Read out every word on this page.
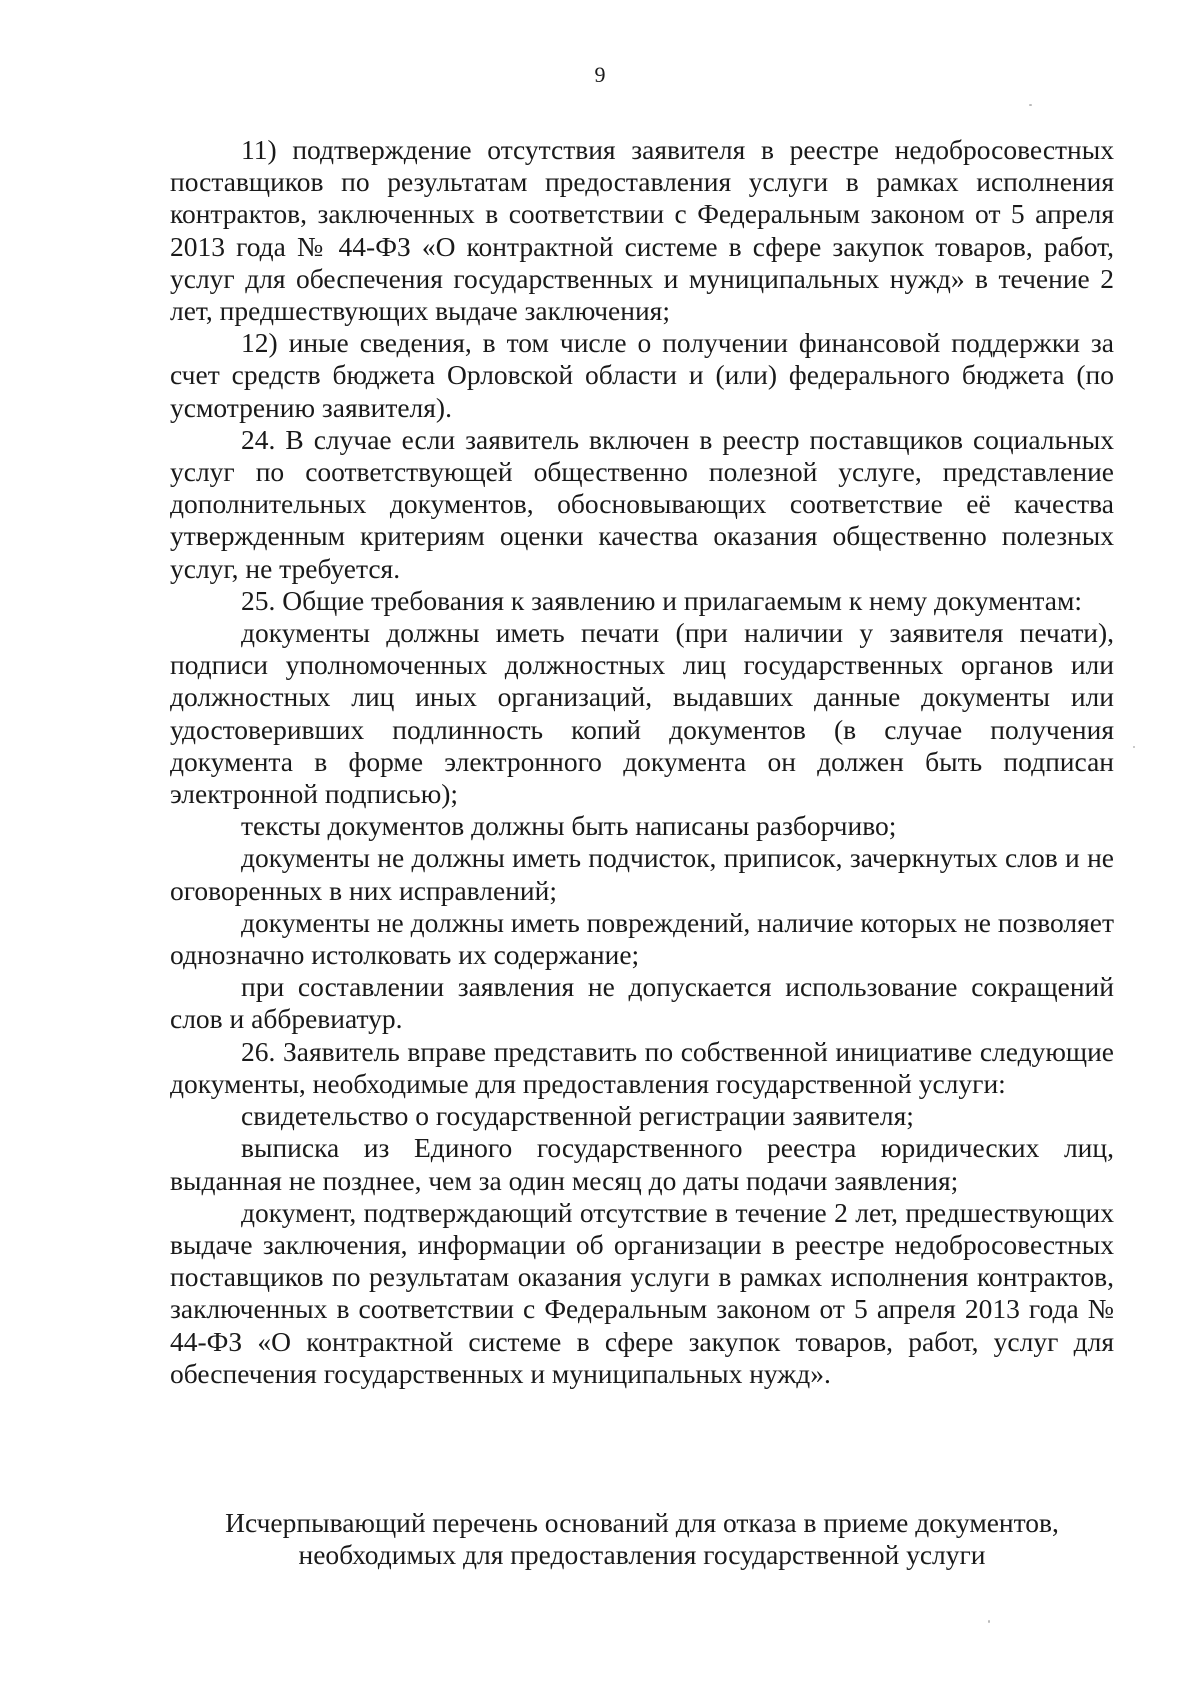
9

11) подтверждение отсутствия заявителя в реестре недобросовестных поставщиков по результатам предоставления услуги в рамках исполнения контрактов, заключенных в соответствии с Федеральным законом от 5 апреля 2013 года № 44-ФЗ «О контрактной системе в сфере закупок товаров, работ, услуг для обеспечения государственных и муниципальных нужд» в течение 2 лет, предшествующих выдаче заключения;

12) иные сведения, в том числе о получении финансовой поддержки за счет средств бюджета Орловской области и (или) федерального бюджета (по усмотрению заявителя).

24. В случае если заявитель включен в реестр поставщиков социальных услуг по соответствующей общественно полезной услуге, представление дополнительных документов, обосновывающих соответствие её качества утвержденным критериям оценки качества оказания общественно полезных услуг, не требуется.

25. Общие требования к заявлению и прилагаемым к нему документам:

документы должны иметь печати (при наличии у заявителя печати), подписи уполномоченных должностных лиц государственных органов или должностных лиц иных организаций, выдавших данные документы или удостоверивших подлинность копий документов (в случае получения документа в форме электронного документа он должен быть подписан электронной подписью);

тексты документов должны быть написаны разборчиво;

документы не должны иметь подчисток, приписок, зачеркнутых слов и не оговоренных в них исправлений;

документы не должны иметь повреждений, наличие которых не позволяет однозначно истолковать их содержание;

при составлении заявления не допускается использование сокращений слов и аббревиатур.

26. Заявитель вправе представить по собственной инициативе следующие документы, необходимые для предоставления государственной услуги:

свидетельство о государственной регистрации заявителя;

выписка из Единого государственного реестра юридических лиц, выданная не позднее, чем за один месяц до даты подачи заявления;

документ, подтверждающий отсутствие в течение 2 лет, предшествующих выдаче заключения, информации об организации в реестре недобросовестных поставщиков по результатам оказания услуги в рамках исполнения контрактов, заключенных в соответствии с Федеральным законом от 5 апреля 2013 года № 44-ФЗ «О контрактной системе в сфере закупок товаров, работ, услуг для обеспечения государственных и муниципальных нужд».

Исчерпывающий перечень оснований для отказа в приеме документов,
необходимых для предоставления государственной услуги
